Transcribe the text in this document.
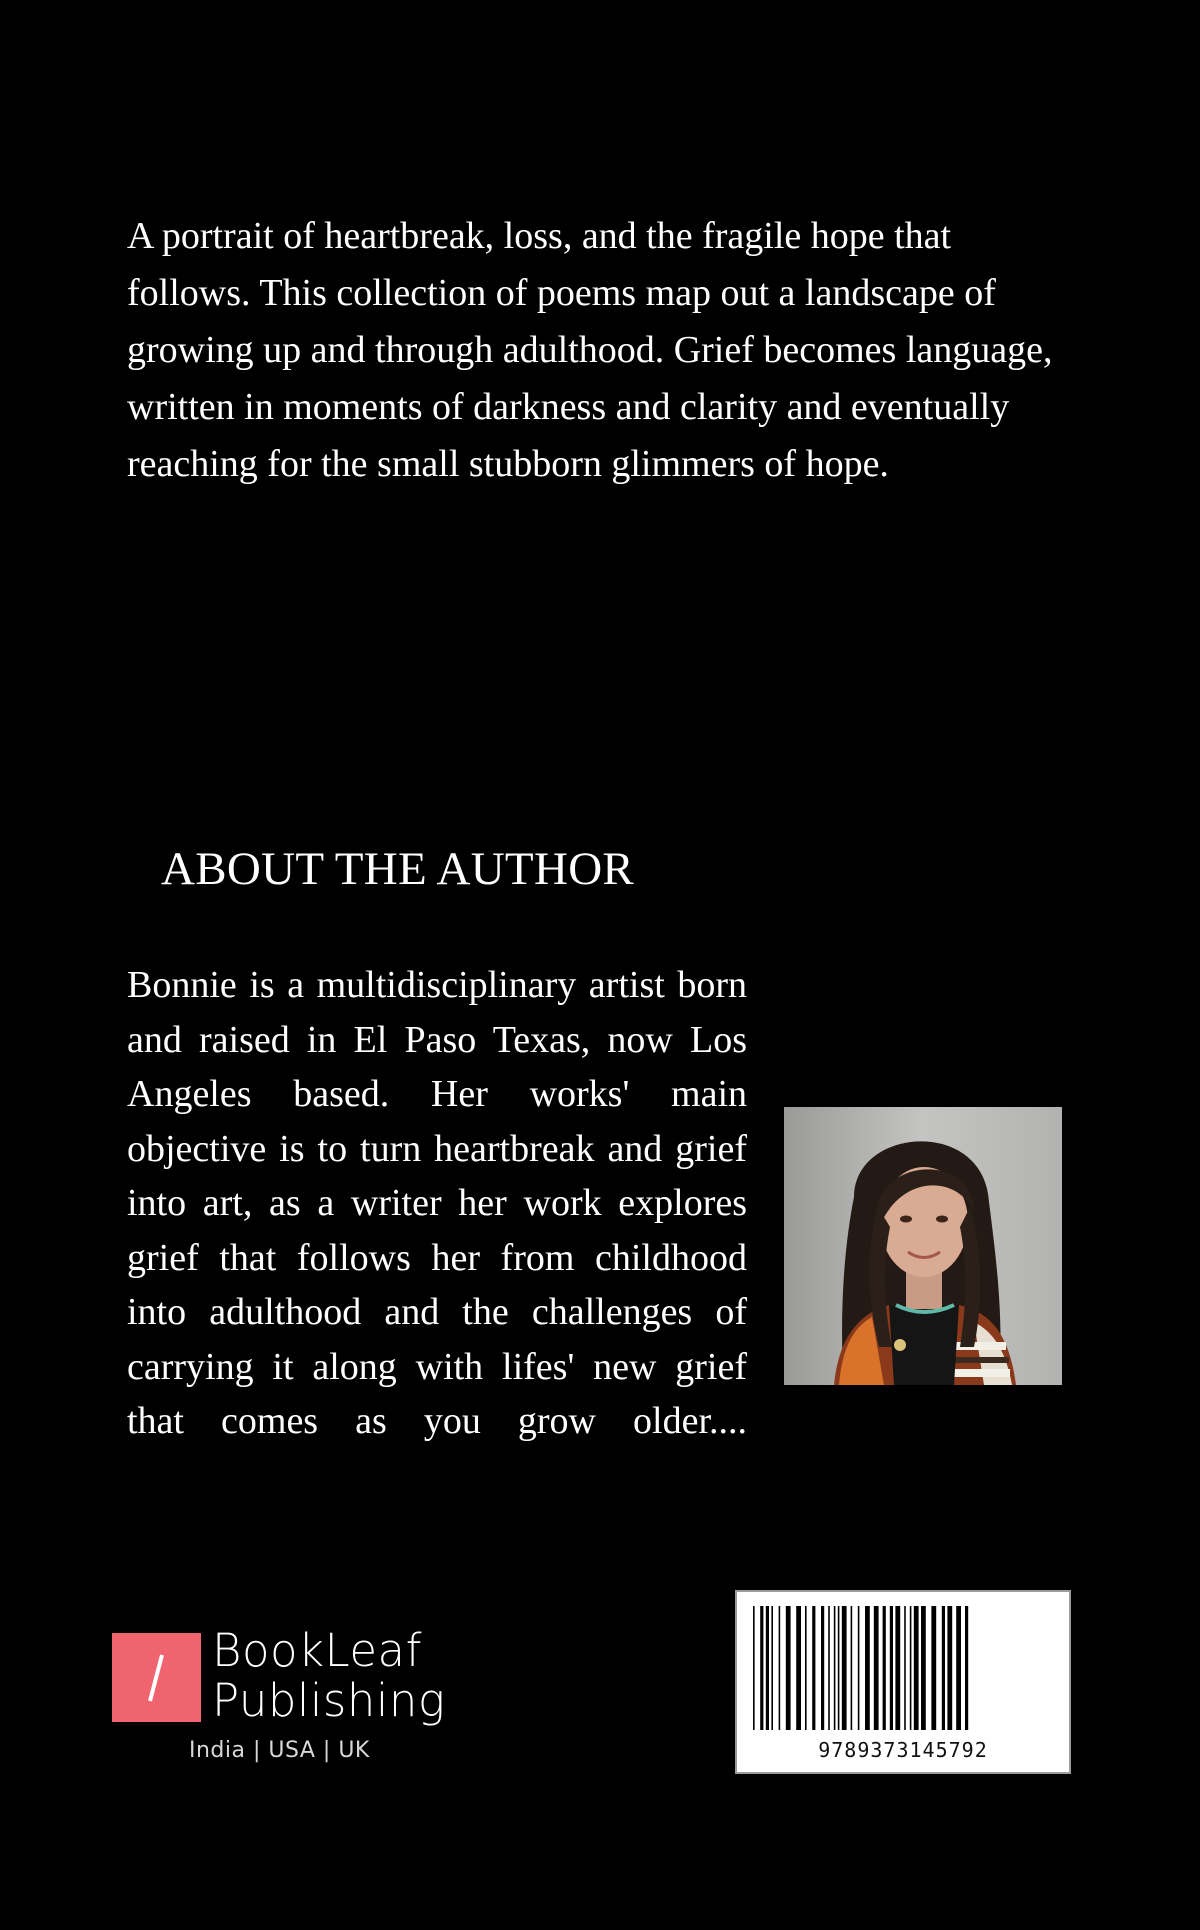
A portrait of heartbreak, loss, and the fragile hope that follows. This collection of poems map out a landscape of growing up and through adulthood. Grief becomes language, written in moments of darkness and clarity and eventually reaching for the small stubborn glimmers of hope.

ABOUT THE AUTHOR

Bonnie is a multidisciplinary artist born and raised in El Paso Texas, now Los Angeles based. Her works' main objective is to turn heartbreak and grief into art, as a writer her work explores grief that follows her from childhood into adulthood and the challenges of carrying it along with lifes' new grief that comes as you grow older....

BookLeaf
Publishing
India | USA | UK	9789373145792
